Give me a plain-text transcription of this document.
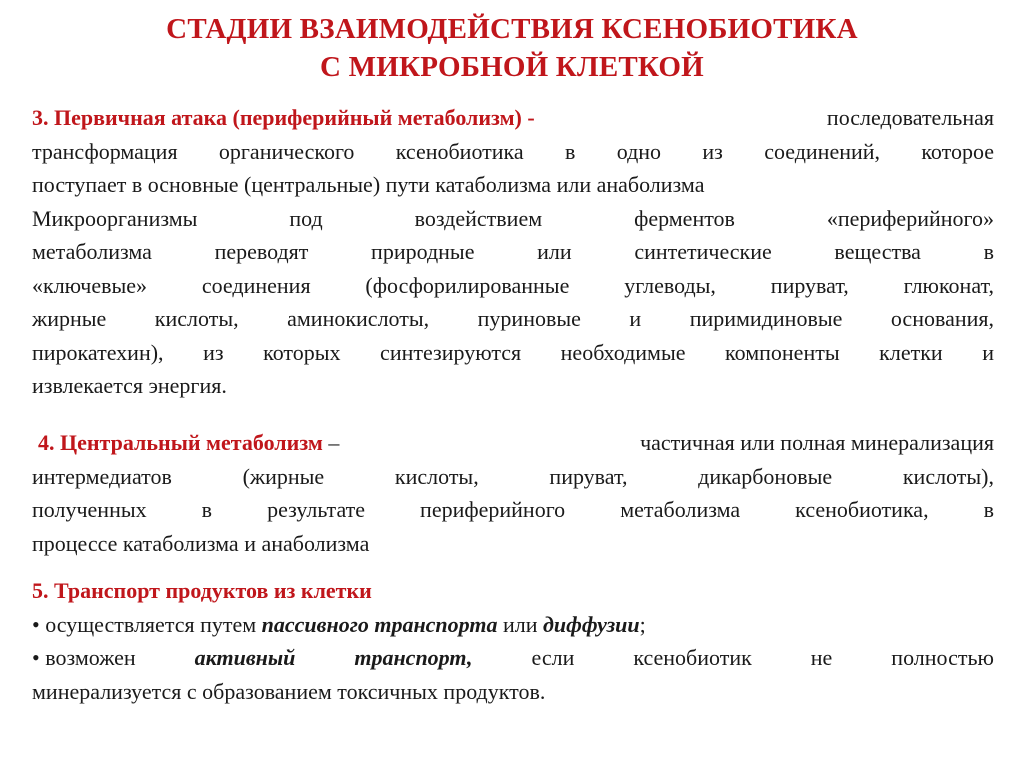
СТАДИИ ВЗАИМОДЕЙСТВИЯ КСЕНОБИОТИКА
С МИКРОБНОЙ КЛЕТКОЙ
3. Первичная атака (периферийный метаболизм) -	последовательная
трансформация органического ксенобиотика в одно из соединений, которое
поступает в основные (центральные) пути катаболизма или анаболизма
Микроорганизмы под воздействием ферментов «периферийного»
метаболизма переводят природные или синтетические вещества в
«ключевые» соединения (фосфорилированные углеводы, пируват, глюконат,
жирные кислоты, аминокислоты, пуриновые и пиримидиновые основания,
пирокатехин), из которых синтезируются необходимые компоненты клетки и
извлекается энергия.
4. Центральный метаболизм –	частичная или полная минерализация
интермедиатов (жирные кислоты, пируват, дикарбоновые кислоты),
полученных в результате периферийного метаболизма ксенобиотика, в
процессе катаболизма и анаболизма
5. Транспорт продуктов из клетки
• осуществляется путем пассивного транспорта или диффузии;
• возможен	активный	транспорт,	если	ксенобиотик	не	полностью
минерализуется с образованием токсичных продуктов.
